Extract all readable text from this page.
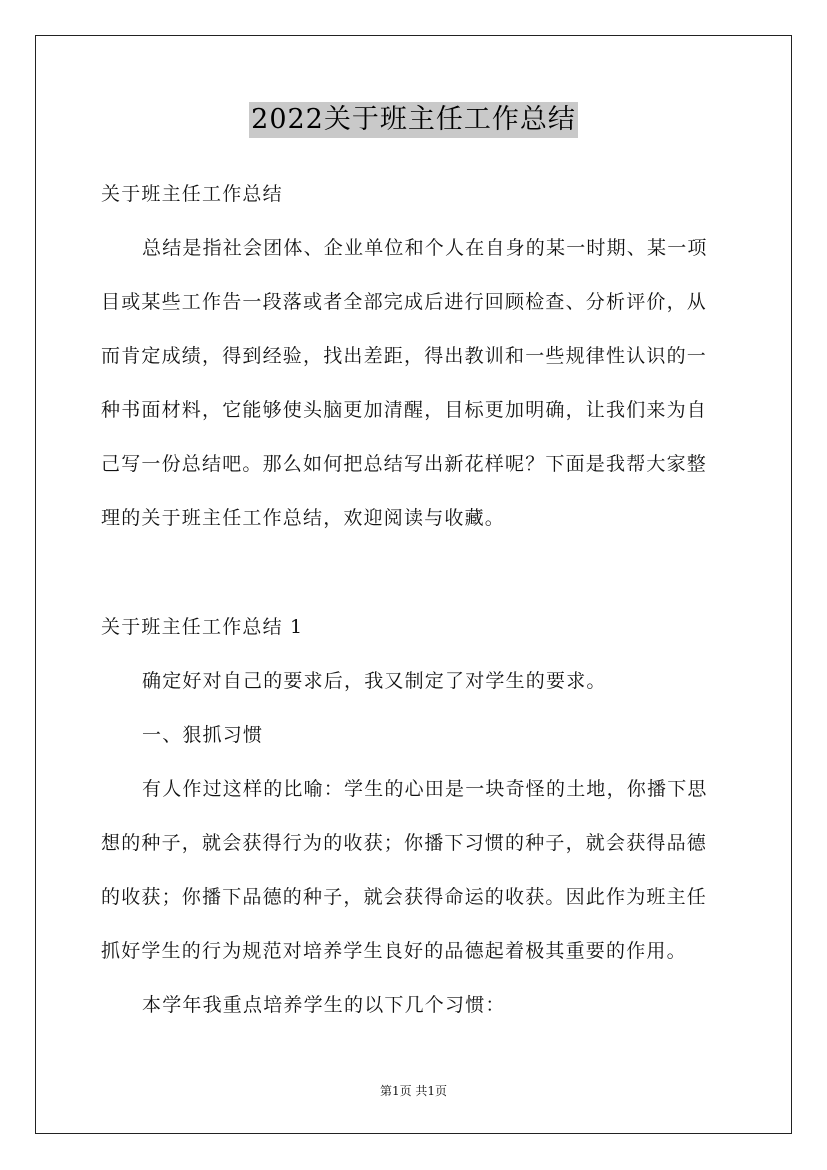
2022关于班主任工作总结
关于班主任工作总结
总结是指社会团体、企业单位和个人在自身的某一时期、某一项
目或某些工作告一段落或者全部完成后进行回顾检查、分析评价，从
而肯定成绩，得到经验，找出差距，得出教训和一些规律性认识的一
种书面材料，它能够使头脑更加清醒，目标更加明确，让我们来为自
己写一份总结吧。那么如何把总结写出新花样呢？下面是我帮大家整
理的关于班主任工作总结，欢迎阅读与收藏。
关于班主任工作总结 1
确定好对自己的要求后，我又制定了对学生的要求。
一、狠抓习惯
有人作过这样的比喻：学生的心田是一块奇怪的土地，你播下思
想的种子，就会获得行为的收获；你播下习惯的种子，就会获得品德
的收获；你播下品德的种子，就会获得命运的收获。因此作为班主任
抓好学生的行为规范对培养学生良好的品德起着极其重要的作用。
本学年我重点培养学生的以下几个习惯：
第1页 共1页
